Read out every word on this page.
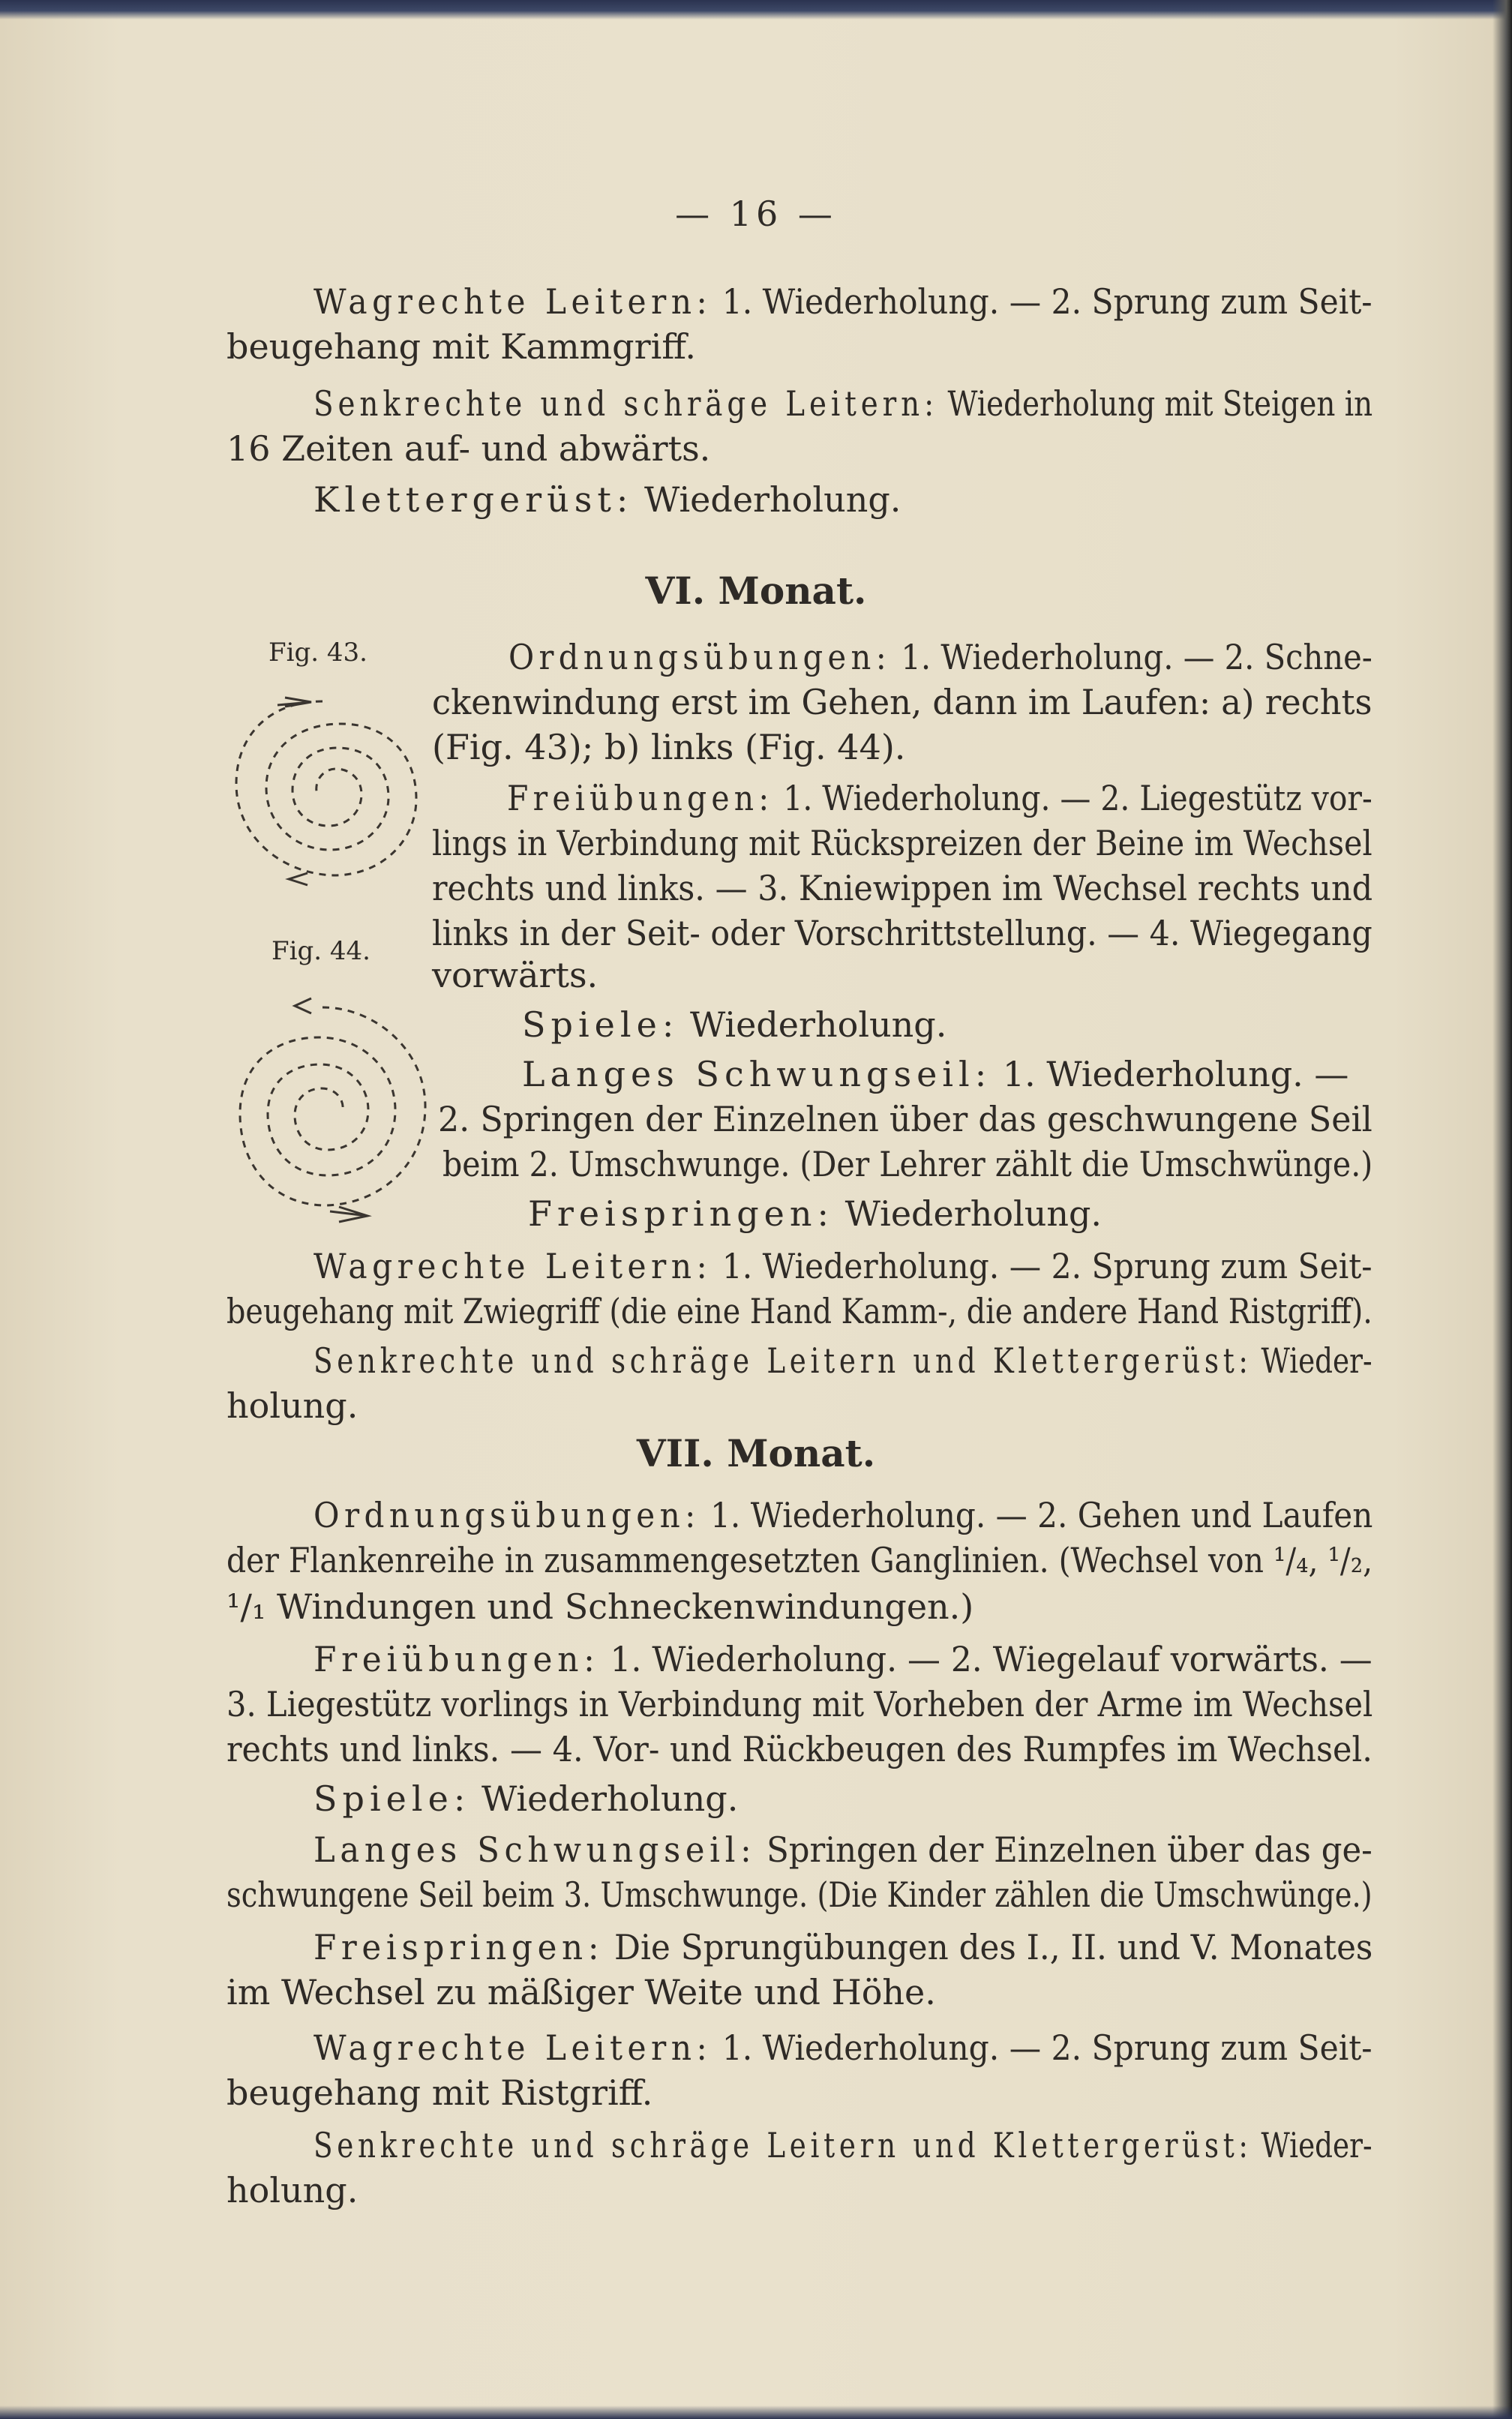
— 16 —

Wagrechte Leitern: 1. Wiederholung. — 2. Sprung zum Seit-

beugehang mit Kammgriff.

Senkrechte und schräge Leitern: Wiederholung mit Steigen in

16 Zeiten auf- und abwärts.

Klettergerüst: Wiederholung.

VI. Monat.

Fig. 43.

Fig. 44.

Ordnungsübungen: 1. Wiederholung. — 2. Schne-

ckenwindung erst im Gehen, dann im Laufen: a) rechts

(Fig. 43); b) links (Fig. 44).

Freiübungen: 1. Wiederholung. — 2. Liegestütz vor-

lings in Verbindung mit Rückspreizen der Beine im Wechsel

rechts und links. — 3. Kniewippen im Wechsel rechts und

links in der Seit- oder Vorschrittstellung. — 4. Wiegegang

vorwärts.

Spiele: Wiederholung.

Langes Schwungseil: 1. Wiederholung. —

2. Springen der Einzelnen über das geschwungene Seil

beim 2. Umschwunge. (Der Lehrer zählt die Umschwünge.)

Freispringen: Wiederholung.

Wagrechte Leitern: 1. Wiederholung. — 2. Sprung zum Seit-

beugehang mit Zwiegriff (die eine Hand Kamm-, die andere Hand Ristgriff).

Senkrechte und schräge Leitern und Klettergerüst: Wieder-

holung.

VII. Monat.

Ordnungsübungen: 1. Wiederholung. — 2. Gehen und Laufen

der Flankenreihe in zusammengesetzten Ganglinien. (Wechsel von ¹/₄, ¹/₂,

¹/₁ Windungen und Schneckenwindungen.)

Freiübungen: 1. Wiederholung. — 2. Wiegelauf vorwärts. —

3. Liegestütz vorlings in Verbindung mit Vorheben der Arme im Wechsel

rechts und links. — 4. Vor- und Rückbeugen des Rumpfes im Wechsel.

Spiele: Wiederholung.

Langes Schwungseil: Springen der Einzelnen über das ge-

schwungene Seil beim 3. Umschwunge. (Die Kinder zählen die Umschwünge.)

Freispringen: Die Sprungübungen des I., II. und V. Monates

im Wechsel zu mäßiger Weite und Höhe.

Wagrechte Leitern: 1. Wiederholung. — 2. Sprung zum Seit-

beugehang mit Ristgriff.

Senkrechte und schräge Leitern und Klettergerüst: Wieder-

holung.
